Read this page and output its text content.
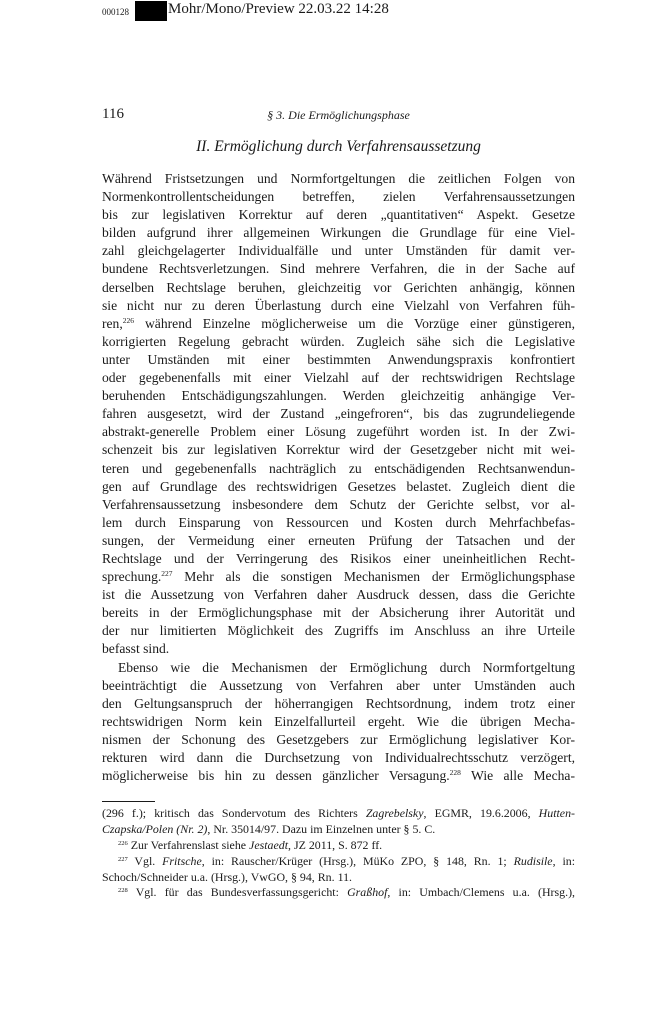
000128	Mohr/Mono/Preview 22.03.22 14:28
116	§ 3. Die Ermöglichungsphase
II. Ermöglichung durch Verfahrensaussetzung
Während Fristsetzungen und Normfortgeltungen die zeitlichen Folgen von
Normenkontrollentscheidungen betreffen, zielen Verfahrensaussetzungen
bis zur legislativen Korrektur auf deren „quantitativen“ Aspekt. Gesetze
bilden aufgrund ihrer allgemeinen Wirkungen die Grundlage für eine Viel-
zahl gleichgelagerter Individualfälle und unter Umständen für damit ver-
bundene Rechtsverletzungen. Sind mehrere Verfahren, die in der Sache auf
derselben Rechtslage beruhen, gleichzeitig vor Gerichten anhängig, können
sie nicht nur zu deren Überlastung durch eine Vielzahl von Verfahren füh-
ren,$^{226}$ während Einzelne möglicherweise um die Vorzüge einer günstigeren,
korrigierten Regelung gebracht würden. Zugleich sähe sich die Legislative
unter Umständen mit einer bestimmten Anwendungspraxis konfrontiert
oder gegebenenfalls mit einer Vielzahl auf der rechtswidrigen Rechtslage
beruhenden Entschädigungszahlungen. Werden gleichzeitig anhängige Ver-
fahren ausgesetzt, wird der Zustand „eingefroren“, bis das zugrundeliegende
abstrakt-generelle Problem einer Lösung zugeführt worden ist. In der Zwi-
schenzeit bis zur legislativen Korrektur wird der Gesetzgeber nicht mit wei-
teren und gegebenenfalls nachträglich zu entschädigenden Rechtsanwendun-
gen auf Grundlage des rechtswidrigen Gesetzes belastet. Zugleich dient die
Verfahrensaussetzung insbesondere dem Schutz der Gerichte selbst, vor al-
lem durch Einsparung von Ressourcen und Kosten durch Mehrfachbefas-
sungen, der Vermeidung einer erneuten Prüfung der Tatsachen und der
Rechtslage und der Verringerung des Risikos einer uneinheitlichen Recht-
sprechung.$^{227}$ Mehr als die sonstigen Mechanismen der Ermöglichungsphase
ist die Aussetzung von Verfahren daher Ausdruck dessen, dass die Gerichte
bereits in der Ermöglichungsphase mit der Absicherung ihrer Autorität und
der nur limitierten Möglichkeit des Zugriffs im Anschluss an ihre Urteile
befasst sind.
Ebenso wie die Mechanismen der Ermöglichung durch Normfortgeltung
beeinträchtigt die Aussetzung von Verfahren aber unter Umständen auch
den Geltungsanspruch der höherrangigen Rechtsordnung, indem trotz einer
rechtswidrigen Norm kein Einzelfallurteil ergeht. Wie die übrigen Mecha-
nismen der Schonung des Gesetzgebers zur Ermöglichung legislativer Kor-
rekturen wird dann die Durchsetzung von Individualrechtsschutz verzögert,
möglicherweise bis hin zu dessen gänzlicher Versagung.$^{228}$ Wie alle Mecha-
(296 f.); kritisch das Sondervotum des Richters Zagrebelsky, EGMR, 19.6.2006, Hutten-
Czapska/Polen (Nr. 2), Nr. 35014/97. Dazu im Einzelnen unter § 5. C.
$^{226}$ Zur Verfahrenslast siehe Jestaedt, JZ 2011, S. 872 ff.
$^{227}$ Vgl. Fritsche, in: Rauscher/Krüger (Hrsg.), MüKo ZPO, § 148, Rn. 1; Rudisile, in:
Schoch/Schneider u.a. (Hrsg.), VwGO, § 94, Rn. 11.
$^{228}$ Vgl. für das Bundesverfassungsgericht: Graßhof, in: Umbach/Clemens u.a. (Hrsg.),
